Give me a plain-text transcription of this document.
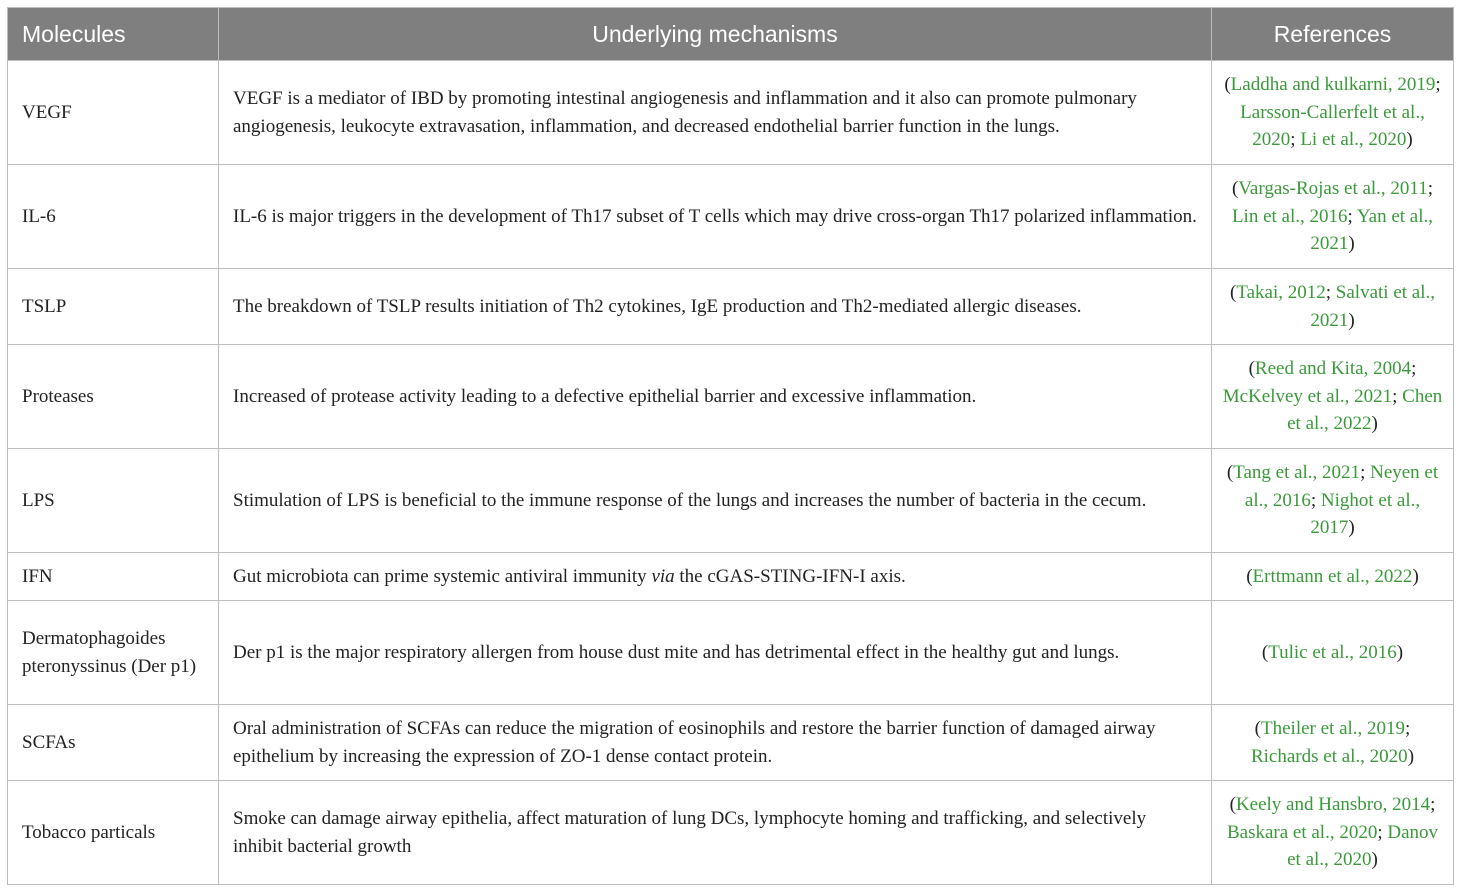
Molecules	Underlying mechanisms	References
VEGF	VEGF is a mediator of IBD by promoting intestinal angiogenesis and inflammation and it also can promote pulmonary angiogenesis, leukocyte extravasation, inflammation, and decreased endothelial barrier function in the lungs.	(Laddha and kulkarni, 2019; Larsson-Callerfelt et al., 2020; Li et al., 2020)
IL-6	IL-6 is major triggers in the development of Th17 subset of T cells which may drive cross-organ Th17 polarized inflammation.	(Vargas-Rojas et al., 2011; Lin et al., 2016; Yan et al., 2021)
TSLP	The breakdown of TSLP results initiation of Th2 cytokines, IgE production and Th2-mediated allergic diseases.	(Takai, 2012; Salvati et al., 2021)
Proteases	Increased of protease activity leading to a defective epithelial barrier and excessive inflammation.	(Reed and Kita, 2004; McKelvey et al., 2021; Chen et al., 2022)
LPS	Stimulation of LPS is beneficial to the immune response of the lungs and increases the number of bacteria in the cecum.	(Tang et al., 2021; Neyen et al., 2016; Nighot et al., 2017)
IFN	Gut microbiota can prime systemic antiviral immunity via the cGAS-STING-IFN-I axis.	(Erttmann et al., 2022)
Dermatophagoides pteronyssinus (Der p1)	Der p1 is the major respiratory allergen from house dust mite and has detrimental effect in the healthy gut and lungs.	(Tulic et al., 2016)
SCFAs	Oral administration of SCFAs can reduce the migration of eosinophils and restore the barrier function of damaged airway epithelium by increasing the expression of ZO-1 dense contact protein.	(Theiler et al., 2019; Richards et al., 2020)
Tobacco particals	Smoke can damage airway epithelia, affect maturation of lung DCs, lymphocyte homing and trafficking, and selectively inhibit bacterial growth	(Keely and Hansbro, 2014; Baskara et al., 2020; Danov et al., 2020)
